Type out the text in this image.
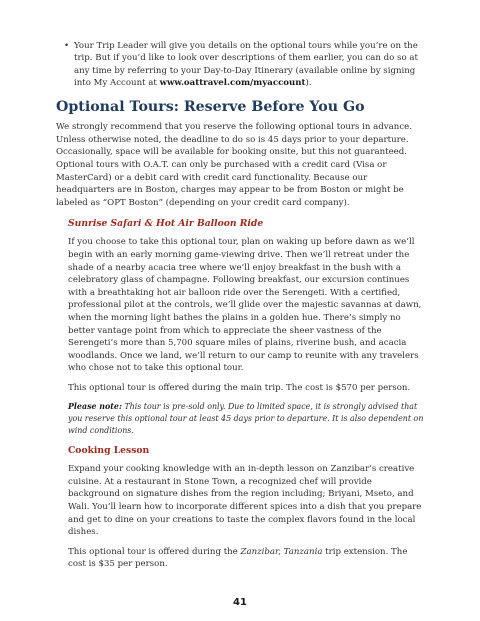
• Your Trip Leader will give you details on the optional tours while you’re on the trip. But if you’d like to look over descriptions of them earlier, you can do so at any time by referring to your Day-to-Day Itinerary (available online by signing into My Account at www.oattravel.com/myaccount).
Optional Tours: Reserve Before You Go

We strongly recommend that you reserve the following optional tours in advance. Unless otherwise noted, the deadline to do so is 45 days prior to your departure. Occasionally, space will be available for booking onsite, but this not guaranteed. Optional tours with O.A.T. can only be purchased with a credit card (Visa or MasterCard) or a debit card with credit card functionality. Because our headquarters are in Boston, charges may appear to be from Boston or might be labeled as “OPT Boston” (depending on your credit card company).

Sunrise Safari & Hot Air Balloon Ride

If you choose to take this optional tour, plan on waking up before dawn as we’ll begin with an early morning game-viewing drive. Then we’ll retreat under the shade of a nearby acacia tree where we’ll enjoy breakfast in the bush with a celebratory glass of champagne. Following breakfast, our excursion continues with a breathtaking hot air balloon ride over the Serengeti. With a certified, professional pilot at the controls, we’ll glide over the majestic savannas at dawn, when the morning light bathes the plains in a golden hue. There’s simply no better vantage point from which to appreciate the sheer vastness of the Serengeti’s more than 5,700 square miles of plains, riverine bush, and acacia woodlands. Once we land, we’ll return to our camp to reunite with any travelers who chose not to take this optional tour.

This optional tour is offered during the main trip. The cost is $570 per person.

Please note: This tour is pre-sold only. Due to limited space, it is strongly advised that you reserve this optional tour at least 45 days prior to departure. It is also dependent on wind conditions.

Cooking Lesson

Expand your cooking knowledge with an in-depth lesson on Zanzibar’s creative cuisine. At a restaurant in Stone Town, a recognized chef will provide background on signature dishes from the region including; Briyani, Mseto, and Wali. You’ll learn how to incorporate different spices into a dish that you prepare and get to dine on your creations to taste the complex flavors found in the local dishes.

This optional tour is offered during the Zanzibar, Tanzania trip extension. The cost is $35 per person.

41
